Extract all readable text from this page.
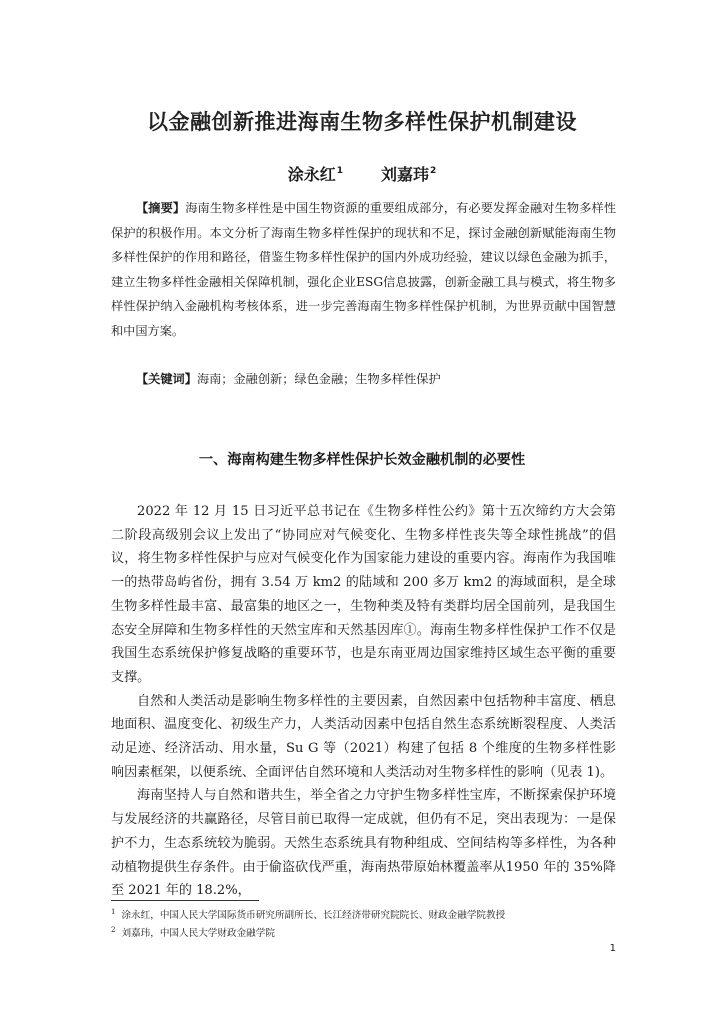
以金融创新推进海南生物多样性保护机制建设
涂永红$^1$ 刘嘉玮$^2$
【摘要】海南生物多样性是中国生物资源的重要组成部分，有必要发挥金融对生物多样性保护的积极作用。本文分析了海南生物多样性保护的现状和不足，探讨金融创新赋能海南生物多样性保护的作用和路径，借鉴生物多样性保护的国内外成功经验，建议以绿色金融为抓手，建立生物多样性金融相关保障机制，强化企业ESG信息披露，创新金融工具与模式，将生物多样性保护纳入金融机构考核体系，进一步完善海南生物多样性保护机制，为世界贡献中国智慧和中国方案。
【关键词】海南；金融创新；绿色金融；生物多样性保护
一、海南构建生物多样性保护长效金融机制的必要性

2022 年 12 月 15 日习近平总书记在《生物多样性公约》第十五次缔约方大会第二阶段高级别会议上发出了“协同应对气候变化、生物多样性丧失等全球性挑战”的倡议，将生物多样性保护与应对气候变化作为国家能力建设的重要内容。海南作为我国唯一的热带岛屿省份，拥有 3.54 万 km2 的陆域和 200 多万 km2 的海域面积，是全球生物多样性最丰富、最富集的地区之一，生物种类及特有类群均居全国前列，是我国生态安全屏障和生物多样性的天然宝库和天然基因库①。海南生物多样性保护工作不仅是我国生态系统保护修复战略的重要环节，也是东南亚周边国家维持区域生态平衡的重要支撑。

自然和人类活动是影响生物多样性的主要因素，自然因素中包括物种丰富度、栖息地面积、温度变化、初级生产力，人类活动因素中包括自然生态系统断裂程度、人类活动足迹、经济活动、用水量，Su G 等（2021）构建了包括 8 个维度的生物多样性影响因素框架，以便系统、全面评估自然环境和人类活动对生物多样性的影响（见表 1)。

海南坚持人与自然和谐共生，举全省之力守护生物多样性宝库，不断探索保护环境与发展经济的共赢路径，尽管目前已取得一定成就，但仍有不足，突出表现为：一是保护不力，生态系统较为脆弱。天然生态系统具有物种组成、空间结构等多样性，为各种动植物提供生存条件。由于偷盗砍伐严重，海南热带原始林覆盖率从1950 年的 35%降至 2021 年的 18.2%，

$^1$ 涂永红，中国人民大学国际货币研究所副所长、长江经济带研究院院长、财政金融学院教授
$^2$ 刘嘉玮，中国人民大学财政金融学院
1
